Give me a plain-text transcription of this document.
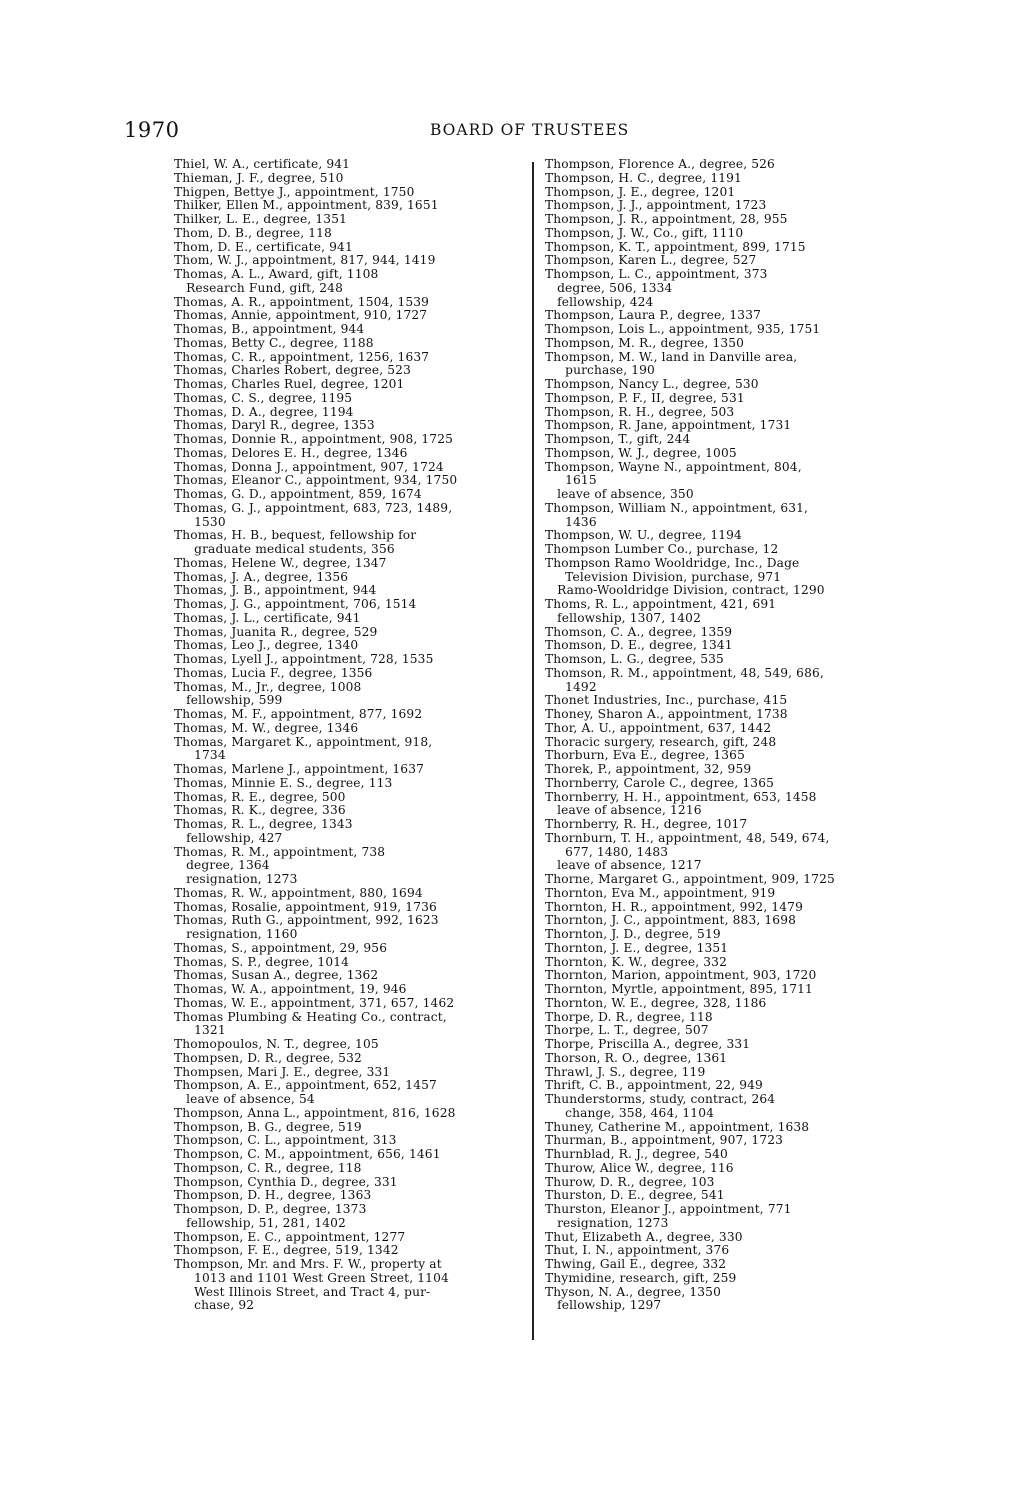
1970	BOARD OF TRUSTEES
Thiel, W. A., certificate, 941
Thieman, J. F., degree, 510
Thigpen, Bettye J., appointment, 1750
Thilker, Ellen M., appointment, 839, 1651
Thilker, L. E., degree, 1351
Thom, D. B., degree, 118
Thom, D. E., certificate, 941
Thom, W. J., appointment, 817, 944, 1419
Thomas, A. L., Award, gift, 1108
Research Fund, gift, 248
Thomas, A. R., appointment, 1504, 1539
Thomas, Annie, appointment, 910, 1727
Thomas, B., appointment, 944
Thomas, Betty C., degree, 1188
Thomas, C. R., appointment, 1256, 1637
Thomas, Charles Robert, degree, 523
Thomas, Charles Ruel, degree, 1201
Thomas, C. S., degree, 1195
Thomas, D. A., degree, 1194
Thomas, Daryl R., degree, 1353
Thomas, Donnie R., appointment, 908, 1725
Thomas, Delores E. H., degree, 1346
Thomas, Donna J., appointment, 907, 1724
Thomas, Eleanor C., appointment, 934, 1750
Thomas, G. D., appointment, 859, 1674
Thomas, G. J., appointment, 683, 723, 1489,
1530
Thomas, H. B., bequest, fellowship for
graduate medical students, 356
Thomas, Helene W., degree, 1347
Thomas, J. A., degree, 1356
Thomas, J. B., appointment, 944
Thomas, J. G., appointment, 706, 1514
Thomas, J. L., certificate, 941
Thomas, Juanita R., degree, 529
Thomas, Leo J., degree, 1340
Thomas, Lyell J., appointment, 728, 1535
Thomas, Lucia F., degree, 1356
Thomas, M., Jr., degree, 1008
fellowship, 599
Thomas, M. F., appointment, 877, 1692
Thomas, M. W., degree, 1346
Thomas, Margaret K., appointment, 918,
1734
Thomas, Marlene J., appointment, 1637
Thomas, Minnie E. S., degree, 113
Thomas, R. E., degree, 500
Thomas, R. K., degree, 336
Thomas, R. L., degree, 1343
fellowship, 427
Thomas, R. M., appointment, 738
degree, 1364
resignation, 1273
Thomas, R. W., appointment, 880, 1694
Thomas, Rosalie, appointment, 919, 1736
Thomas, Ruth G., appointment, 992, 1623
resignation, 1160
Thomas, S., appointment, 29, 956
Thomas, S. P., degree, 1014
Thomas, Susan A., degree, 1362
Thomas, W. A., appointment, 19, 946
Thomas, W. E., appointment, 371, 657, 1462
Thomas Plumbing & Heating Co., contract,
1321
Thomopoulos, N. T., degree, 105
Thompsen, D. R., degree, 532
Thompsen, Mari J. E., degree, 331
Thompson, A. E., appointment, 652, 1457
leave of absence, 54
Thompson, Anna L., appointment, 816, 1628
Thompson, B. G., degree, 519
Thompson, C. L., appointment, 313
Thompson, C. M., appointment, 656, 1461
Thompson, C. R., degree, 118
Thompson, Cynthia D., degree, 331
Thompson, D. H., degree, 1363
Thompson, D. P., degree, 1373
fellowship, 51, 281, 1402
Thompson, E. C., appointment, 1277
Thompson, F. E., degree, 519, 1342
Thompson, Mr. and Mrs. F. W., property at
1013 and 1101 West Green Street, 1104
West Illinois Street, and Tract 4, pur-
chase, 92
Thompson, Florence A., degree, 526
Thompson, H. C., degree, 1191
Thompson, J. E., degree, 1201
Thompson, J. J., appointment, 1723
Thompson, J. R., appointment, 28, 955
Thompson, J. W., Co., gift, 1110
Thompson, K. T., appointment, 899, 1715
Thompson, Karen L., degree, 527
Thompson, L. C., appointment, 373
degree, 506, 1334
fellowship, 424
Thompson, Laura P., degree, 1337
Thompson, Lois L., appointment, 935, 1751
Thompson, M. R., degree, 1350
Thompson, M. W., land in Danville area,
purchase, 190
Thompson, Nancy L., degree, 530
Thompson, P. F., II, degree, 531
Thompson, R. H., degree, 503
Thompson, R. Jane, appointment, 1731
Thompson, T., gift, 244
Thompson, W. J., degree, 1005
Thompson, Wayne N., appointment, 804,
1615
leave of absence, 350
Thompson, William N., appointment, 631,
1436
Thompson, W. U., degree, 1194
Thompson Lumber Co., purchase, 12
Thompson Ramo Wooldridge, Inc., Dage
Television Division, purchase, 971
Ramo-Wooldridge Division, contract, 1290
Thoms, R. L., appointment, 421, 691
fellowship, 1307, 1402
Thomson, C. A., degree, 1359
Thomson, D. E., degree, 1341
Thomson, L. G., degree, 535
Thomson, R. M., appointment, 48, 549, 686,
1492
Thonet Industries, Inc., purchase, 415
Thoney, Sharon A., appointment, 1738
Thor, A. U., appointment, 637, 1442
Thoracic surgery, research, gift, 248
Thorburn, Eva E., degree, 1365
Thorek, P., appointment, 32, 959
Thornberry, Carole C., degree, 1365
Thornberry, H. H., appointment, 653, 1458
leave of absence, 1216
Thornberry, R. H., degree, 1017
Thornburn, T. H., appointment, 48, 549, 674,
677, 1480, 1483
leave of absence, 1217
Thorne, Margaret G., appointment, 909, 1725
Thornton, Eva M., appointment, 919
Thornton, H. R., appointment, 992, 1479
Thornton, J. C., appointment, 883, 1698
Thornton, J. D., degree, 519
Thornton, J. E., degree, 1351
Thornton, K. W., degree, 332
Thornton, Marion, appointment, 903, 1720
Thornton, Myrtle, appointment, 895, 1711
Thornton, W. E., degree, 328, 1186
Thorpe, D. R., degree, 118
Thorpe, L. T., degree, 507
Thorpe, Priscilla A., degree, 331
Thorson, R. O., degree, 1361
Thrawl, J. S., degree, 119
Thrift, C. B., appointment, 22, 949
Thunderstorms, study, contract, 264
change, 358, 464, 1104
Thuney, Catherine M., appointment, 1638
Thurman, B., appointment, 907, 1723
Thurnblad, R. J., degree, 540
Thurow, Alice W., degree, 116
Thurow, D. R., degree, 103
Thurston, D. E., degree, 541
Thurston, Eleanor J., appointment, 771
resignation, 1273
Thut, Elizabeth A., degree, 330
Thut, I. N., appointment, 376
Thwing, Gail E., degree, 332
Thymidine, research, gift, 259
Thyson, N. A., degree, 1350
fellowship, 1297
